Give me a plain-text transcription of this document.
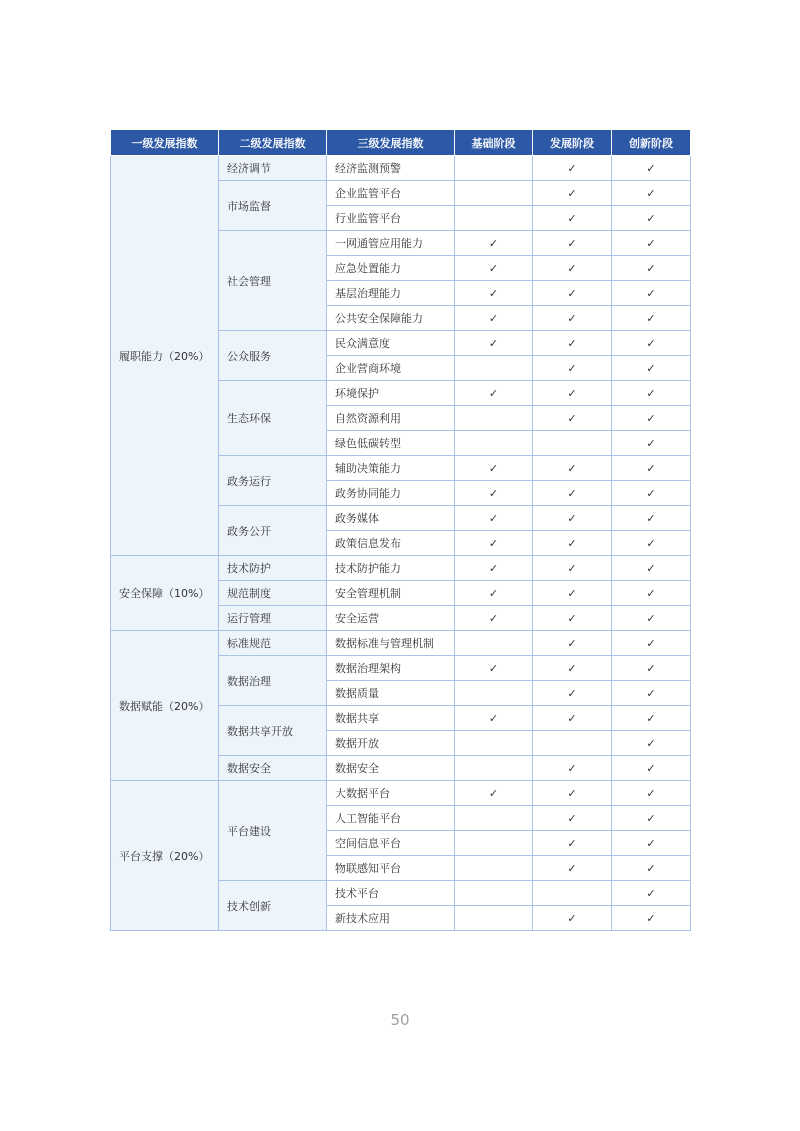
一级发展指数	二级发展指数	三级发展指数	基础阶段	发展阶段	创新阶段
履职能力（20%）	经济调节	经济监测预警		✓	✓
	市场监督	企业监管平台		✓	✓
		行业监管平台		✓	✓
	社会管理	一网通管应用能力	✓	✓	✓
		应急处置能力	✓	✓	✓
		基层治理能力	✓	✓	✓
		公共安全保障能力	✓	✓	✓
	公众服务	民众满意度	✓	✓	✓
		企业营商环境		✓	✓
	生态环保	环境保护	✓	✓	✓
		自然资源利用		✓	✓
		绿色低碳转型			✓
	政务运行	辅助决策能力	✓	✓	✓
		政务协同能力	✓	✓	✓
	政务公开	政务媒体	✓	✓	✓
		政策信息发布	✓	✓	✓
安全保障（10%）	技术防护	技术防护能力	✓	✓	✓
	规范制度	安全管理机制	✓	✓	✓
	运行管理	安全运营	✓	✓	✓
数据赋能（20%）	标准规范	数据标准与管理机制		✓	✓
	数据治理	数据治理架构	✓	✓	✓
		数据质量		✓	✓
	数据共享开放	数据共享	✓	✓	✓
		数据开放			✓
	数据安全	数据安全		✓	✓
平台支撑（20%）	平台建设	大数据平台	✓	✓	✓
		人工智能平台		✓	✓
		空间信息平台		✓	✓
		物联感知平台		✓	✓
	技术创新	技术平台			✓
		新技术应用		✓	✓
50
